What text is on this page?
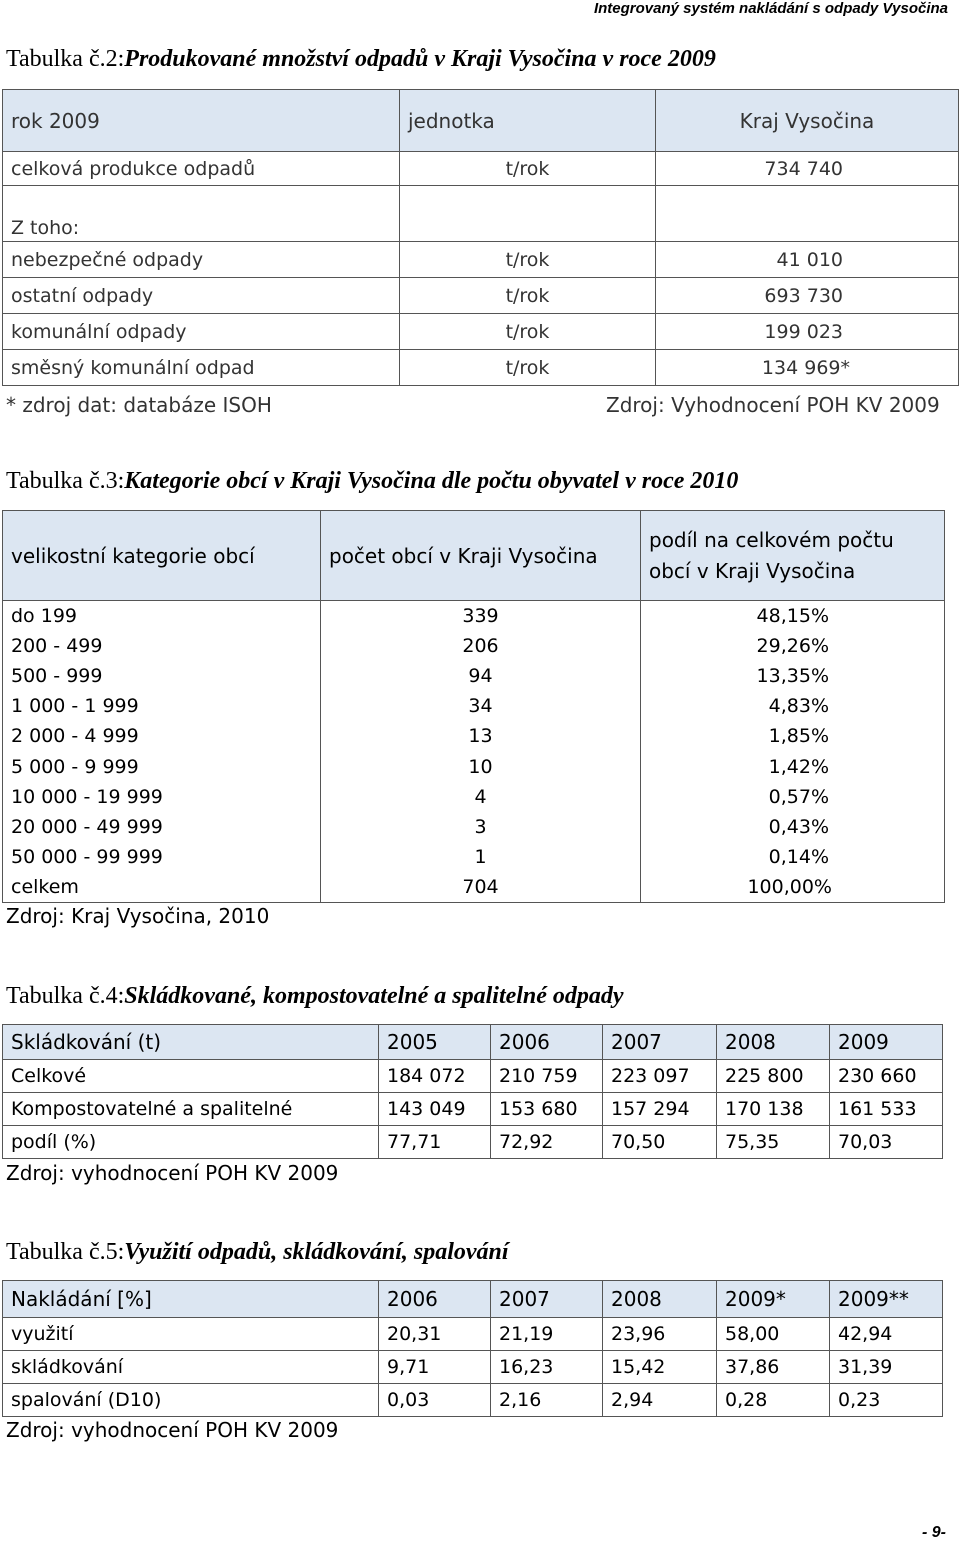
Integrovaný systém nakládání s odpady Vysočina
Tabulka č.2:Produkované množství odpadů v Kraji Vysočina v roce 2009
rok 2009	jednotka	Kraj Vysočina
celková produkce odpadů	t/rok	734 740
Z toho:		
nebezpečné odpady	t/rok	41 010
ostatní odpady	t/rok	693 730
komunální odpady	t/rok	199 023
směsný komunální odpad	t/rok	134 969*
* zdroj dat: databáze ISOH	Zdroj: Vyhodnocení POH KV 2009
Tabulka č.3:Kategorie obcí v Kraji Vysočina dle počtu obyvatel v roce 2010
velikostní kategorie obcí	počet obcí v Kraji Vysočina	podíl na celkovém počtu
obcí v Kraji Vysočina

do 199	339	48,15%
200 - 499	206	29,26%
500 - 999	94	13,35%
1 000 - 1 999	34	4,83%
2 000 - 4 999	13	1,85%
5 000 - 9 999	10	1,42%
10 000 - 19 999	4	0,57%
20 000 - 49 999	3	0,43%
50 000 - 99 999	1	0,14%
celkem	704	100,00%
Zdroj: Kraj Vysočina, 2010
Tabulka č.4:Skládkované, kompostovatelné a spalitelné odpady
Skládkování (t)	2005	2006	2007	2008	2009
Celkové	184 072	210 759	223 097	225 800	230 660
Kompostovatelné a spalitelné	143 049	153 680	157 294	170 138	161 533
podíl (%)	77,71	72,92	70,50	75,35	70,03
Zdroj: vyhodnocení POH KV 2009
Tabulka č.5:Využití odpadů, skládkování, spalování
Nakládání [%]	2006	2007	2008	2009*	2009**
využití	20,31	21,19	23,96	58,00	42,94
skládkování	9,71	16,23	15,42	37,86	31,39
spalování (D10)	0,03	2,16	2,94	0,28	0,23
Zdroj: vyhodnocení POH KV 2009
- 9-
